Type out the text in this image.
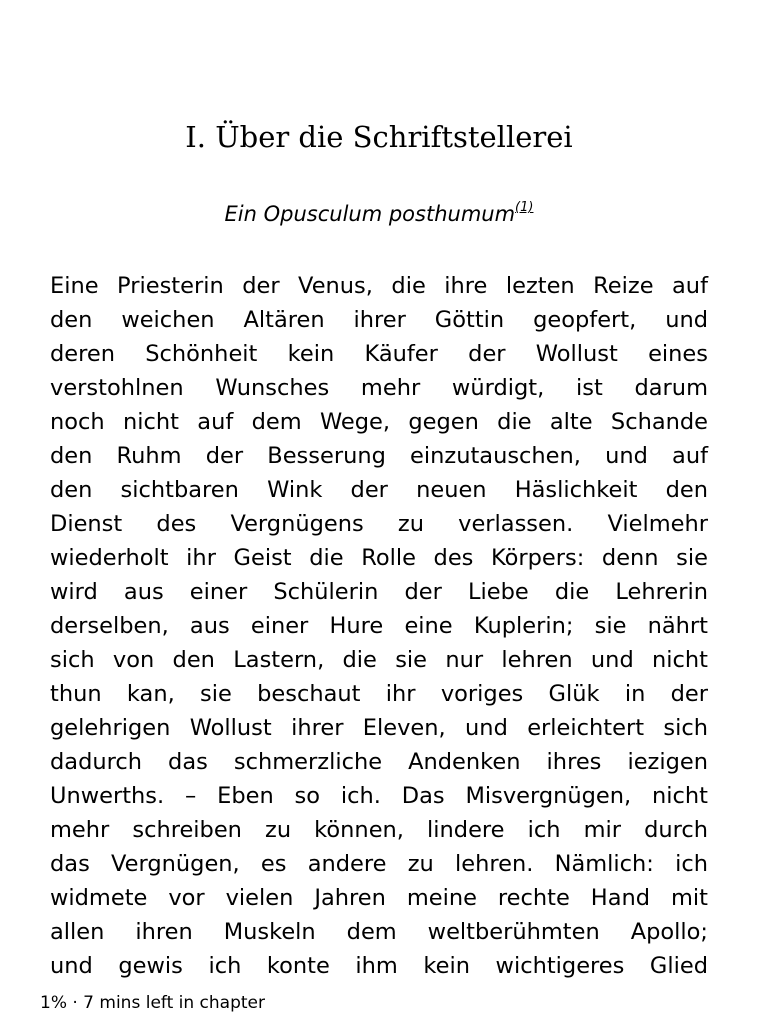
I. Über die Schriftstellerei
Ein Opusculum posthumum$^{(1)}$
Eine Priesterin der Venus, die ihre lezten Reize auf
den weichen Altären ihrer Göttin geopfert, und
deren Schönheit kein Käufer der Wollust eines
verstohlnen Wunsches mehr würdigt, ist darum
noch nicht auf dem Wege, gegen die alte Schande
den Ruhm der Besserung einzutauschen, und auf
den sichtbaren Wink der neuen Häslichkeit den
Dienst des Vergnügens zu verlassen. Vielmehr
wiederholt ihr Geist die Rolle des Körpers: denn sie
wird aus einer Schülerin der Liebe die Lehrerin
derselben, aus einer Hure eine Kuplerin; sie nährt
sich von den Lastern, die sie nur lehren und nicht
thun kan, sie beschaut ihr voriges Glük in der
gelehrigen Wollust ihrer Eleven, und erleichtert sich
dadurch das schmerzliche Andenken ihres iezigen
Unwerths. – Eben so ich. Das Misvergnügen, nicht
mehr schreiben zu können, lindere ich mir durch
das Vergnügen, es andere zu lehren. Nämlich: ich
widmete vor vielen Jahren meine rechte Hand mit
allen ihren Muskeln dem weltberühmten Apollo;
und gewis ich konte ihm kein wichtigeres Glied
1% · 7 mins left in chapter
